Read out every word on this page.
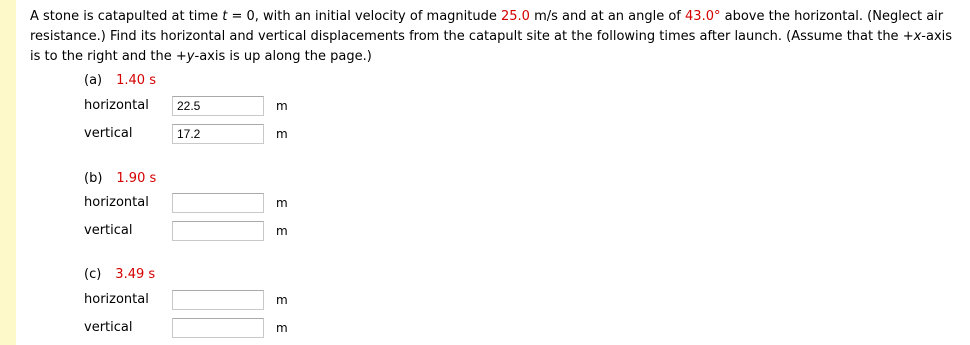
A stone is catapulted at time t = 0, with an initial velocity of magnitude 25.0 m/s and at an angle of 43.0° above the horizontal. (Neglect air resistance.) Find its horizontal and vertical displacements from the catapult site at the following times after launch. (Assume that the +x-axis is to the right and the +y-axis is up along the page.)

(a) 1.40 s
horizontal
22.5	m
vertical
17.2	m
(b) 1.90 s
horizontal	m
vertical	m
(c) 3.49 s
horizontal	m
vertical	m
